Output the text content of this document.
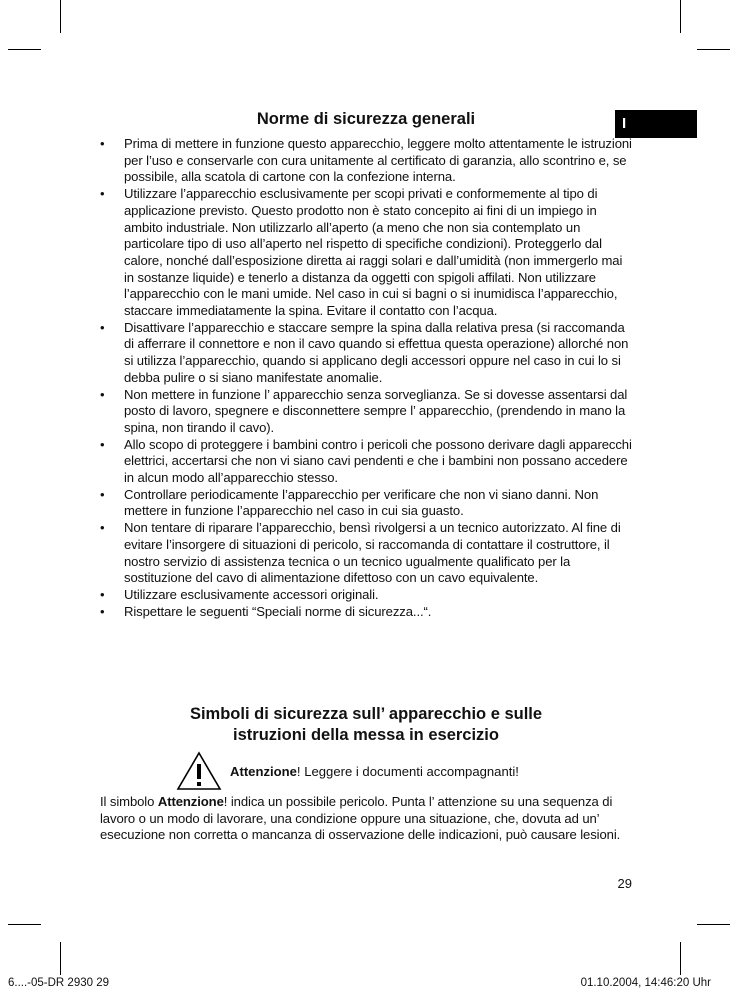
I
Norme di sicurezza generali
• Prima di mettere in funzione questo apparecchio, leggere molto attentamente le istruzioni per l’uso e conservarle con cura unitamente al certificato di garanzia, allo scontrino e, se possibile, alla scatola di cartone con la confezione interna.
• Utilizzare l’apparecchio esclusivamente per scopi privati e conformemente al tipo di applicazione previsto. Questo prodotto non è stato concepito ai fini di un impiego in ambito industriale. Non utilizzarlo all’aperto (a meno che non sia contemplato un particolare tipo di uso all’aperto nel rispetto di specifiche condizioni). Proteggerlo dal calore, nonché dall’esposizione diretta ai raggi solari e dall’umidità (non immergerlo mai in sostanze liquide) e tenerlo a distanza da oggetti con spigoli affilati. Non utilizzare l’apparecchio con le mani umide. Nel caso in cui si bagni o si inumidisca l’apparecchio, staccare immediatamente la spina. Evitare il contatto con l’acqua.
• Disattivare l’apparecchio e staccare sempre la spina dalla relativa presa (si raccomanda di afferrare il connettore e non il cavo quando si effettua questa operazione) allorché non si utilizza l’apparecchio, quando si applicano degli accessori oppure nel caso in cui lo si debba pulire o si siano manifestate anomalie.
• Non mettere in funzione l’ apparecchio senza sorveglianza. Se si dovesse assentarsi dal posto di lavoro, spegnere e disconnettere sempre l’ apparecchio, (prendendo in mano la spina, non tirando il cavo).
• Allo scopo di proteggere i bambini contro i pericoli che possono derivare dagli apparecchi elettrici, accertarsi che non vi siano cavi pendenti e che i bambini non possano accedere in alcun modo all’apparecchio stesso.
• Controllare periodicamente l’apparecchio per verificare che non vi siano danni. Non mettere in funzione l’apparecchio nel caso in cui sia guasto.
• Non tentare di riparare l’apparecchio, bensì rivolgersi a un tecnico autorizzato. Al fine di evitare l’insorgere di situazioni di pericolo, si raccomanda di contattare il costruttore, il nostro servizio di assistenza tecnica o un tecnico ugualmente qualificato per la sostituzione del cavo di alimentazione difettoso con un cavo equivalente.
• Utilizzare esclusivamente accessori originali.
• Rispettare le seguenti “Speciali norme di sicurezza...“.
Simboli di sicurezza sull’ apparecchio e sulle
istruzioni della messa in esercizio
Attenzione! Leggere i documenti accompagnanti!

Il simbolo Attenzione! indica un possibile pericolo. Punta l’ attenzione su una sequenza di lavoro o un modo di lavorare, una condizione oppure una situazione, che, dovuta ad un’ esecuzione non corretta o mancanza di osservazione delle indicazioni, può causare lesioni.

29
6....-05-DR 2930 29	01.10.2004, 14:46:20 Uhr
